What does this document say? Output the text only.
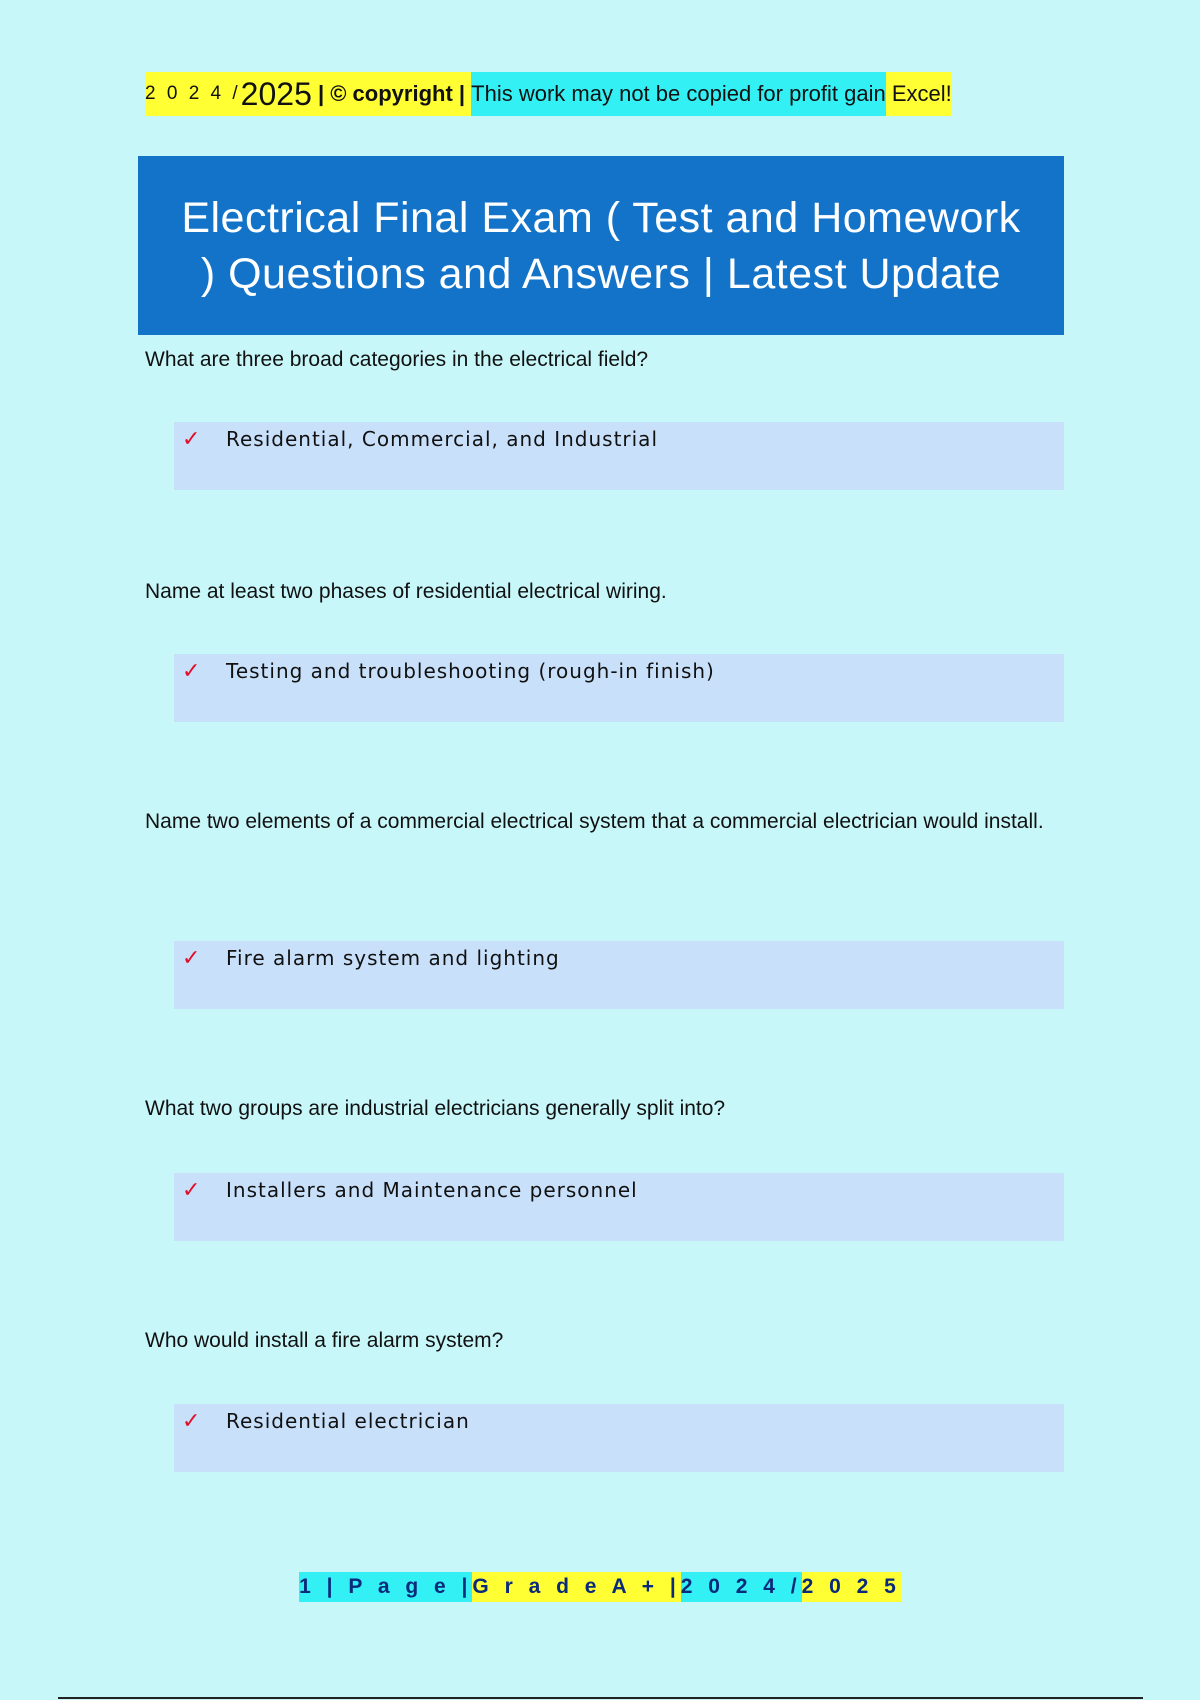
2 0 2 4 / 2025 | © copyright | This work may not be copied for profit gain Excel!
Electrical Final Exam ( Test and Homework ) Questions and Answers | Latest Update
What are three broad categories in the electrical field?
✓ Residential, Commercial, and Industrial
Name at least two phases of residential electrical wiring.
✓ Testing and troubleshooting (rough-in finish)
Name two elements of a commercial electrical system that a commercial electrician would install.
✓ Fire alarm system and lighting
What two groups are industrial electricians generally split into?
✓ Installers and Maintenance personnel
Who would install a fire alarm system?
✓ Residential electrician
1 | P a g e | G r a d e A + | 2 0 2 4 / 2 0 2 5
